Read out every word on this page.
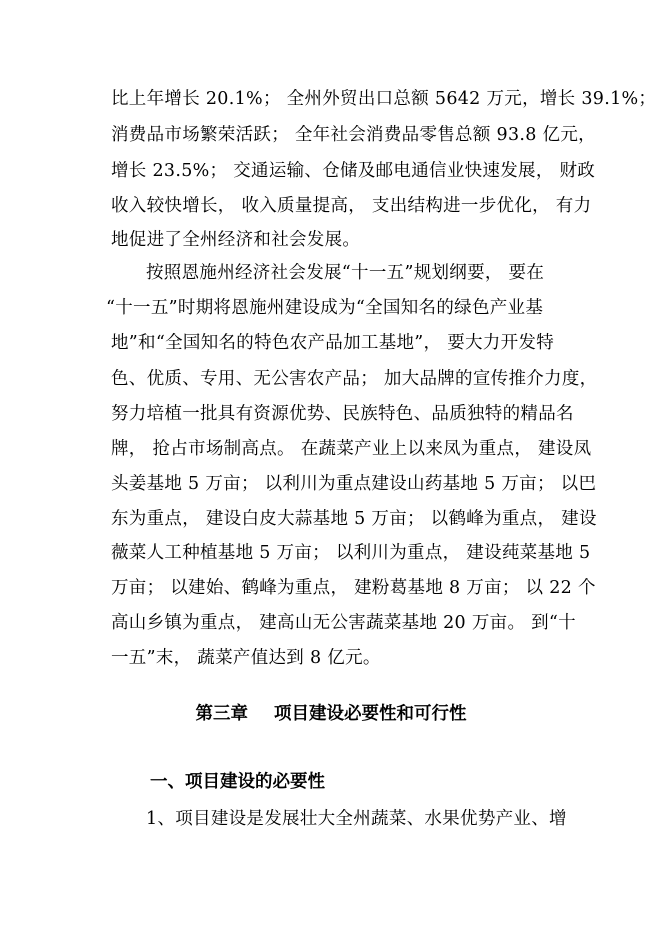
比上年增长 20.1%； 全州外贸出口总额 5642 万元，增长 39.1%；
消费品市场繁荣活跃； 全年社会消费品零售总额 93.8 亿元，
增长 23.5%； 交通运输、仓储及邮电通信业快速发展， 财政
收入较快增长， 收入质量提高， 支出结构进一步优化， 有力
地促进了全州经济和社会发展。
按照恩施州经济社会发展“十一五”规划纲要， 要在
“十一五”时期将恩施州建设成为“全国知名的绿色产业基
地”和“全国知名的特色农产品加工基地”， 要大力开发特
色、优质、专用、无公害农产品； 加大品牌的宣传推介力度，
努力培植一批具有资源优势、民族特色、品质独特的精品名
牌， 抢占市场制高点。 在蔬菜产业上以来凤为重点， 建设凤
头姜基地 5 万亩； 以利川为重点建设山药基地 5 万亩； 以巴
东为重点， 建设白皮大蒜基地 5 万亩； 以鹤峰为重点， 建设
薇菜人工种植基地 5 万亩； 以利川为重点， 建设莼菜基地 5
万亩； 以建始、鹤峰为重点， 建粉葛基地 8 万亩； 以 22 个
高山乡镇为重点， 建高山无公害蔬菜基地 20 万亩。 到“十
一五”末， 蔬菜产值达到 8 亿元。
第三章 项目建设必要性和可行性
一、项目建设的必要性
1、项目建设是发展壮大全州蔬菜、水果优势产业、增
